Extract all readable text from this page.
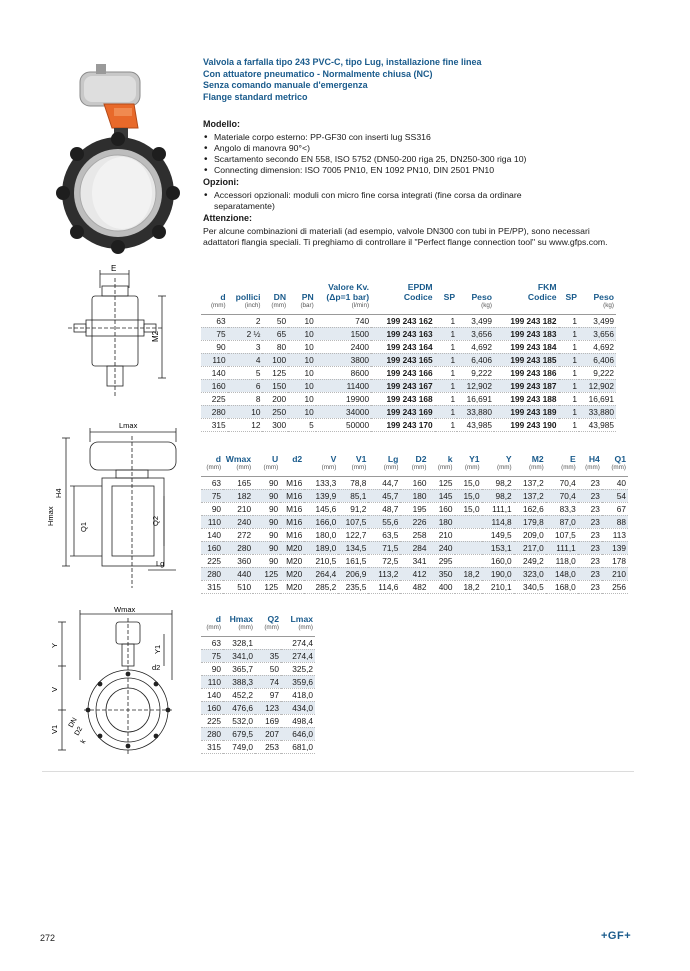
Valvola a farfalla tipo 243 PVC-C, tipo Lug, installazione fine linea
Con attuatore pneumatico - Normalmente chiusa (NC)
Senza comando manuale d'emergenza
Flange standard metrico
Modello:
• Materiale corpo esterno: PP-GF30 con inserti lug SS316
• Angolo di manovra 90°<)
• Scartamento secondo EN 558, ISO 5752 (DN50-200 riga 25, DN250-300 riga 10)
• Connecting dimension: ISO 7005 PN10, EN 1092 PN10, DIN 2501 PN10
Opzioni:
• Accessori opzionali: moduli con micro fine corsa integrati (fine corsa da ordinare separatamente)
Attenzione:
Per alcune combinazioni di materiali (ad esempio, valvole DN300 con tubi in PE/PP), sono necessari adattatori flangia speciali. Ti preghiamo di controllare il "Perfect flange connection tool" su www.gfps.com.
E
M2
Lmax
Hmax
H4
Q1
Q2
Lg
Wmax
Y	Y1
d2
V
V1
DN
D2
k
d	pollici	DN	PN	Valore Kv.
(Δp=1 bar)	EPDM
Codice	SP	Peso	FKM
Codice	SP	Peso
(mm)	(inch)	(mm)	(bar)	(l/min)			(kg)			(kg)
63	2	50	10	740	199 243 162	1	3,499	199 243 182	1	3,499
75	2 ½	65	10	1500	199 243 163	1	3,656	199 243 183	1	3,656
90	3	80	10	2400	199 243 164	1	4,692	199 243 184	1	4,692
110	4	100	10	3800	199 243 165	1	6,406	199 243 185	1	6,406
140	5	125	10	8600	199 243 166	1	9,222	199 243 186	1	9,222
160	6	150	10	11400	199 243 167	1	12,902	199 243 187	1	12,902
225	8	200	10	19900	199 243 168	1	16,691	199 243 188	1	16,691
280	10	250	10	34000	199 243 169	1	33,880	199 243 189	1	33,880
315	12	300	5	50000	199 243 170	1	43,985	199 243 190	1	43,985
d	Wmax	U	d2	V	V1	Lg	D2	k	Y1	Y	M2	E	H4	Q1
(mm)	(mm)	(mm)		(mm)	(mm)	(mm)	(mm)	(mm)	(mm)	(mm)	(mm)	(mm)	(mm)	(mm)
63	165	90	M16	133,3	78,8	44,7	160	125	15,0	98,2	137,2	70,4	23	40
75	182	90	M16	139,9	85,1	45,7	180	145	15,0	98,2	137,2	70,4	23	54
90	210	90	M16	145,6	91,2	48,7	195	160	15,0	111,1	162,6	83,3	23	67
110	240	90	M16	166,0	107,5	55,6	226	180		114,8	179,8	87,0	23	88
140	272	90	M16	180,0	122,7	63,5	258	210		149,5	209,0	107,5	23	113
160	280	90	M20	189,0	134,5	71,5	284	240		153,1	217,0	111,1	23	139
225	360	90	M20	210,5	161,5	72,5	341	295		160,0	249,2	118,0	23	178
280	440	125	M20	264,4	206,9	113,2	412	350	18,2	190,0	323,0	148,0	23	210
315	510	125	M20	285,2	235,5	114,6	482	400	18,2	210,1	340,5	168,0	23	256
d	Hmax	Q2	Lmax
(mm)	(mm)	(mm)	(mm)
63	328,1		274,4
75	341,0	35	274,4
90	365,7	50	325,2
110	388,3	74	359,6
140	452,2	97	418,0
160	476,6	123	434,0
225	532,0	169	498,4
280	679,5	207	646,0
315	749,0	253	681,0
272	+GF+
